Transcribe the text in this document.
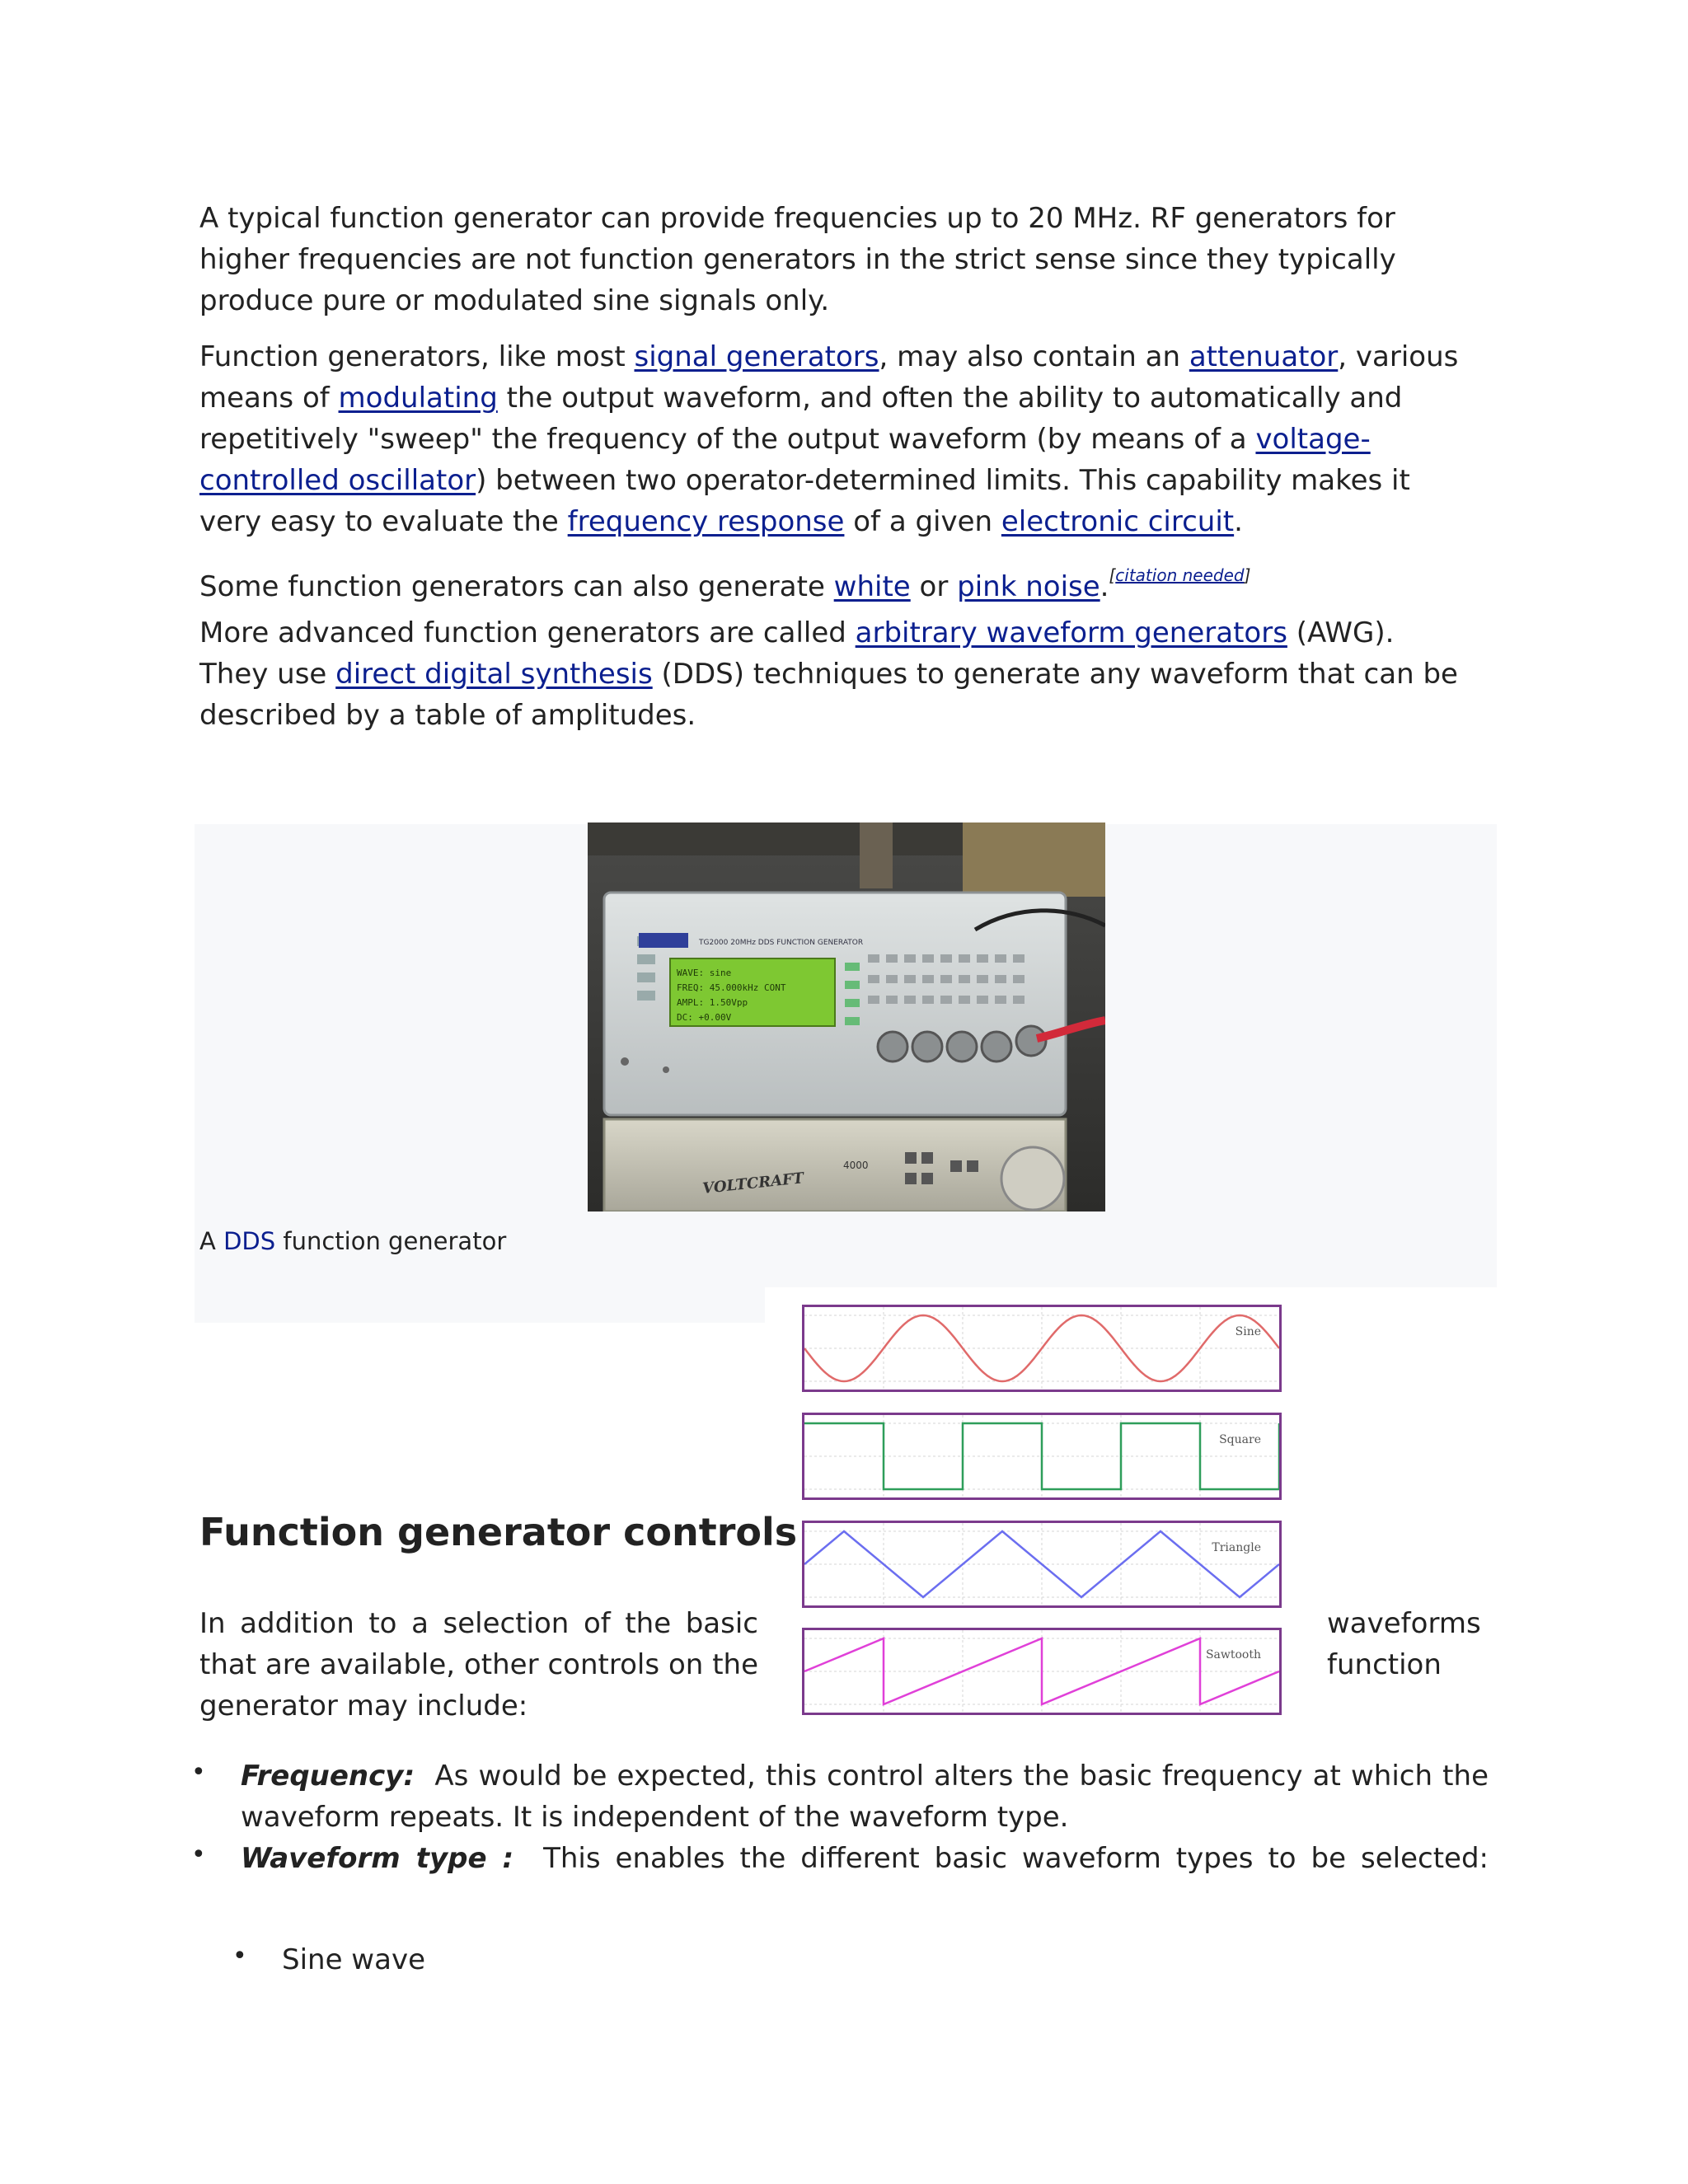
A typical function generator can provide frequencies up to 20 MHz. RF generators for higher frequencies are not function generators in the strict sense since they typically produce pure or modulated sine signals only.

Function generators, like most signal generators, may also contain an attenuator, various means of modulating the output waveform, and often the ability to automatically and repetitively "sweep" the frequency of the output waveform (by means of a voltage-controlled oscillator) between two operator-determined limits. This capability makes it very easy to evaluate the frequency response of a given electronic circuit.

Some function generators can also generate white or pink noise.[citation needed]

More advanced function generators are called arbitrary waveform generators (AWG). They use direct digital synthesis (DDS) techniques to generate any waveform that can be described by a table of amplitudes.

TG2000 20MHz DDS FUNCTION GENERATOR
WAVE: sine
FREQ: 45.000kHz CONT
AMPL: 1.50Vpp
DC: +0.00V
VOLTCRAFT
4000
A DDS function generator
Sine
Square
Triangle
Sawtooth
Function generator controls
In addition to a selection of the basic
that are available, other controls on the
waveforms
function
generator may include:
• Frequency: As would be expected, this control alters the basic frequency at which the waveform repeats. It is independent of the waveform type.

• Waveform type : This enables the different basic waveform types to be selected:

• Sine wave
